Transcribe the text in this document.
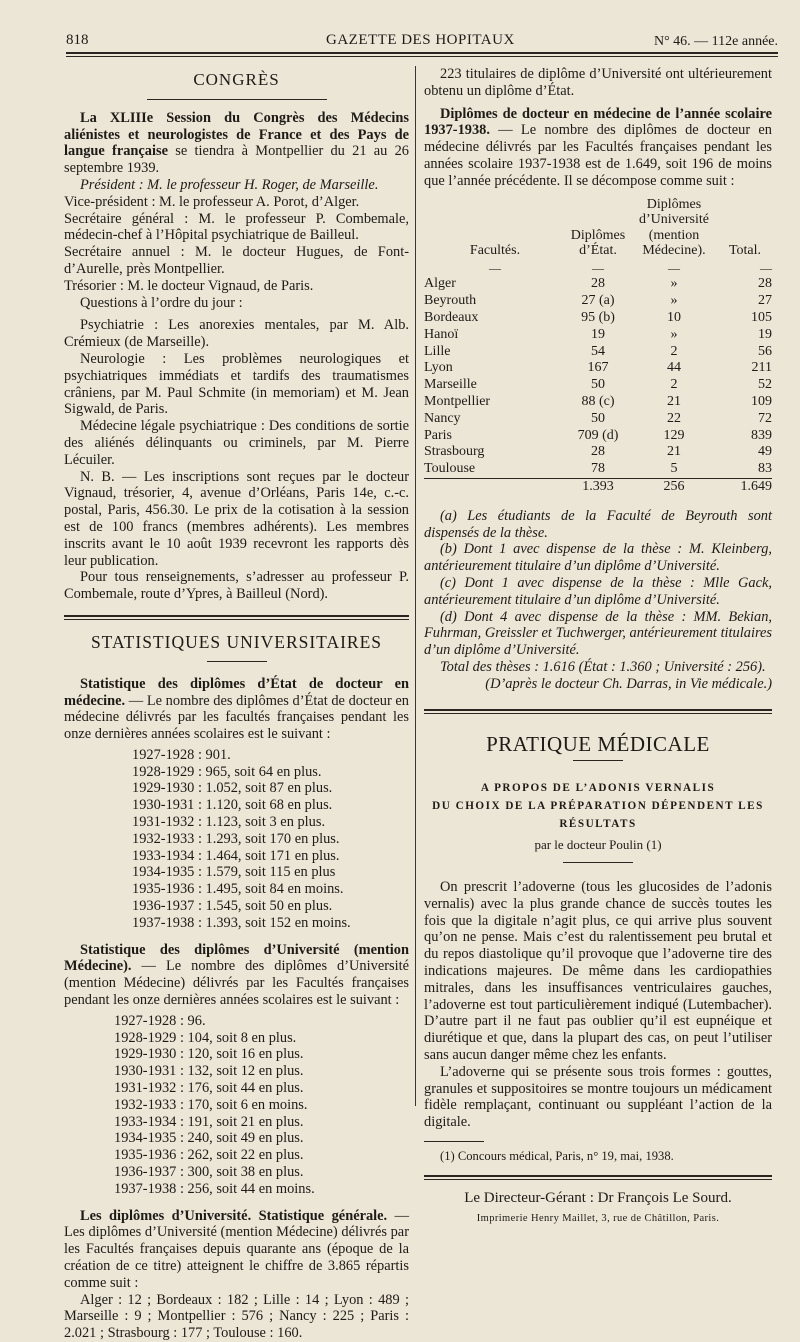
818	GAZETTE DES HOPITAUX	N° 46. — 112e année.
CONGRÈS

La XLIIIe Session du Congrès des Médecins aliénistes et neurologistes de France et des Pays de langue française se tiendra à Montpellier du 21 au 26 septembre 1939.

Président : M. le professeur H. Roger, de Marseille.

Vice-président : M. le professeur A. Porot, d’Alger.

Secrétaire général : M. le professeur P. Combemale, médecin-chef à l’Hôpital psychiatrique de Bailleul.

Secrétaire annuel : M. le docteur Hugues, de Font-d’Aurelle, près Montpellier.

Trésorier : M. le docteur Vignaud, de Paris.

Questions à l’ordre du jour :

Psychiatrie : Les anorexies mentales, par M. Alb. Crémieux (de Marseille).

Neurologie : Les problèmes neurologiques et psychiatriques immédiats et tardifs des traumatismes crâniens, par M. Paul Schmite (in memoriam) et M. Jean Sigwald, de Paris.

Médecine légale psychiatrique : Des conditions de sortie des aliénés délinquants ou criminels, par M. Pierre Lécuiler.

N. B. — Les inscriptions sont reçues par le docteur Vignaud, trésorier, 4, avenue d’Orléans, Paris 14e, c.-c. postal, Paris, 456.30. Le prix de la cotisation à la session est de 100 francs (membres adhérents). Les membres inscrits avant le 10 août 1939 recevront les rapports dès leur publication.

Pour tous renseignements, s’adresser au professeur P. Combemale, route d’Ypres, à Bailleul (Nord).

STATISTIQUES UNIVERSITAIRES

Statistique des diplômes d’État de docteur en médecine. — Le nombre des diplômes d’État de docteur en médecine délivrés par les facultés françaises pendant les onze dernières années scolaires est le suivant :

1927-1928 : 901.
1928-1929 : 965, soit 64 en plus.
1929-1930 : 1.052, soit 87 en plus.
1930-1931 : 1.120, soit 68 en plus.
1931-1932 : 1.123, soit 3 en plus.
1932-1933 : 1.293, soit 170 en plus.
1933-1934 : 1.464, soit 171 en plus.
1934-1935 : 1.579, soit 115 en plus
1935-1936 : 1.495, soit 84 en moins.
1936-1937 : 1.545, soit 50 en plus.
1937-1938 : 1.393, soit 152 en moins.

Statistique des diplômes d’Université (mention Médecine). — Le nombre des diplômes d’Université (mention Médecine) délivrés par les Facultés françaises pendant les onze dernières années scolaires est le suivant :

1927-1928 : 96.
1928-1929 : 104, soit 8 en plus.
1929-1930 : 120, soit 16 en plus.
1930-1931 : 132, soit 12 en plus.
1931-1932 : 176, soit 44 en plus.
1932-1933 : 170, soit 6 en moins.
1933-1934 : 191, soit 21 en plus.
1934-1935 : 240, soit 49 en plus.
1935-1936 : 262, soit 22 en plus.
1936-1937 : 300, soit 38 en plus.
1937-1938 : 256, soit 44 en moins.

Les diplômes d’Université. Statistique générale. — Les diplômes d’Université (mention Médecine) délivrés par les Facultés françaises depuis quarante ans (époque de la création de ce titre) atteignent le chiffre de 3.865 répartis comme suit :

Alger : 12 ; Bordeaux : 182 ; Lille : 14 ; Lyon : 489 ; Marseille : 9 ; Montpellier : 576 ; Nancy : 225 ; Paris : 2.021 ; Strasbourg : 177 ; Toulouse : 160.

223 titulaires de diplôme d’Université ont ultérieurement obtenu un diplôme d’État.

Diplômes de docteur en médecine de l’année scolaire 1937-1938. — Le nombre des diplômes de docteur en médecine délivrés par les Facultés françaises pendant les années scolaire 1937-1938 est de 1.649, soit 196 de moins que l’année précédente. Il se décompose comme suit :

Facultés.	Diplômes d’État.	Diplômes d’Université (mention Médecine).	Total.
—	—	—	—
Alger	28	»	28
Beyrouth	27 (a)	»	27
Bordeaux	95 (b)	10	105
Hanoï	19	»	19
Lille	54	2	56
Lyon	167	44	211
Marseille	50	2	52
Montpellier	88 (c)	21	109
Nancy	50	22	72
Paris	709 (d)	129	839
Strasbourg	28	21	49
Toulouse	78	5	83
	1.393	256	1.649

(a) Les étudiants de la Faculté de Beyrouth sont dispensés de la thèse.

(b) Dont 1 avec dispense de la thèse : M. Kleinberg, antérieurement titulaire d’un diplôme d’Université.

(c) Dont 1 avec dispense de la thèse : Mlle Gack, antérieurement titulaire d’un diplôme d’Université.

(d) Dont 4 avec dispense de la thèse : MM. Bekian, Fuhrman, Greissler et Tuchwerger, antérieurement titulaires d’un diplôme d’Université.

Total des thèses : 1.616 (État : 1.360 ; Université : 256).

(D’après le docteur Ch. Darras, in Vie médicale.)

PRATIQUE MÉDICALE
A PROPOS DE L’ADONIS VERNALIS
DU CHOIX DE LA PRÉPARATION DÉPENDENT LES RÉSULTATS
par le docteur Poulin (1)

On prescrit l’adoverne (tous les glucosides de l’adonis vernalis) avec la plus grande chance de succès toutes les fois que la digitale n’agit plus, ce qui arrive plus souvent qu’on ne pense. Mais c’est du ralentissement peu brutal et du repos diastolique qu’il provoque que l’adoverne tire des indications majeures. De même dans les cardiopathies mitrales, dans les insuffisances ventriculaires gauches, l’adoverne est tout particulièrement indiqué (Lutembacher). D’autre part il ne faut pas oublier qu’il est eupnéique et diurétique et que, dans la plupart des cas, on peut l’utiliser sans aucun danger même chez les enfants.

L’adoverne qui se présente sous trois formes : gouttes, granules et suppositoires se montre toujours un médicament fidèle remplaçant, continuant ou suppléant l’action de la digitale.

(1) Concours médical, Paris, n° 19, mai, 1938.

Le Directeur-Gérant : Dr François Le Sourd.
Imprimerie Henry Maillet, 3, rue de Châtillon, Paris.
